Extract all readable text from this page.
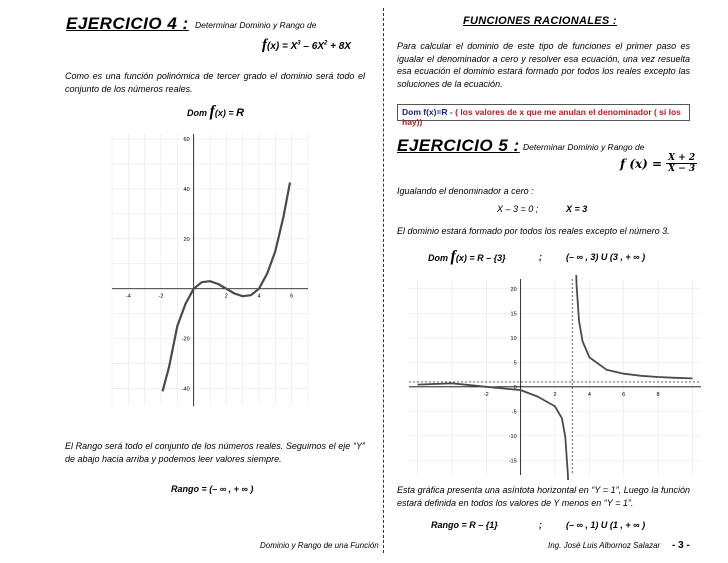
EJERCICIO 4 : Determinar Dominio y Rango de
$f(x) = X^3 - 6X^2 + 8X$
Como es una función polinómica de tercer grado el dominio será todo el conjunto de los números reales.
Dom f(x) = R
-4	-2	2	4	6
60
40
20
-20
-40
El Rango será todo el conjunto de los números reales. Seguimos el eje “Y” de abajo hacia arriba y podemos leer valores siempre.
Rango = (– ∞ , + ∞ )
Dominio y Rango de una Función
FUNCIONES RACIONALES :
Para calcular el dominio de este tipo de funciones el primer paso es igualar el denominador a cero y resolver esa ecuación, una vez resuelta esa ecuación el dominio estará formado por todos los reales excepto las soluciones de la ecuación.
Dom f(x)=R - ( los valores de x que me anulan el denominador ( si los hay))
EJERCICIO 5 : Determinar Dominio y Rango de
f $(x) = \frac{X + 2}{X - 3}$
Igualando el denominador a cero :
X – 3 = 0 ;	X = 3
El dominio estará formado por todos los reales excepto el número 3.
Dom f(x) = R – {3}	;	(– ∞ , 3) U (3 , + ∞ )
-2	2	4	6	8
20
15
10
5
0
-5
-10
-15
Esta gráfica presenta una asíntota horizontal en “Y = 1”, Luego la función estará definida en todos los valores de Y menos en “Y = 1”.
Rango = R – {1}	;	(– ∞ , 1) U (1 , + ∞ )
Ing. José Luis Albornoz Salazar - 3 -
